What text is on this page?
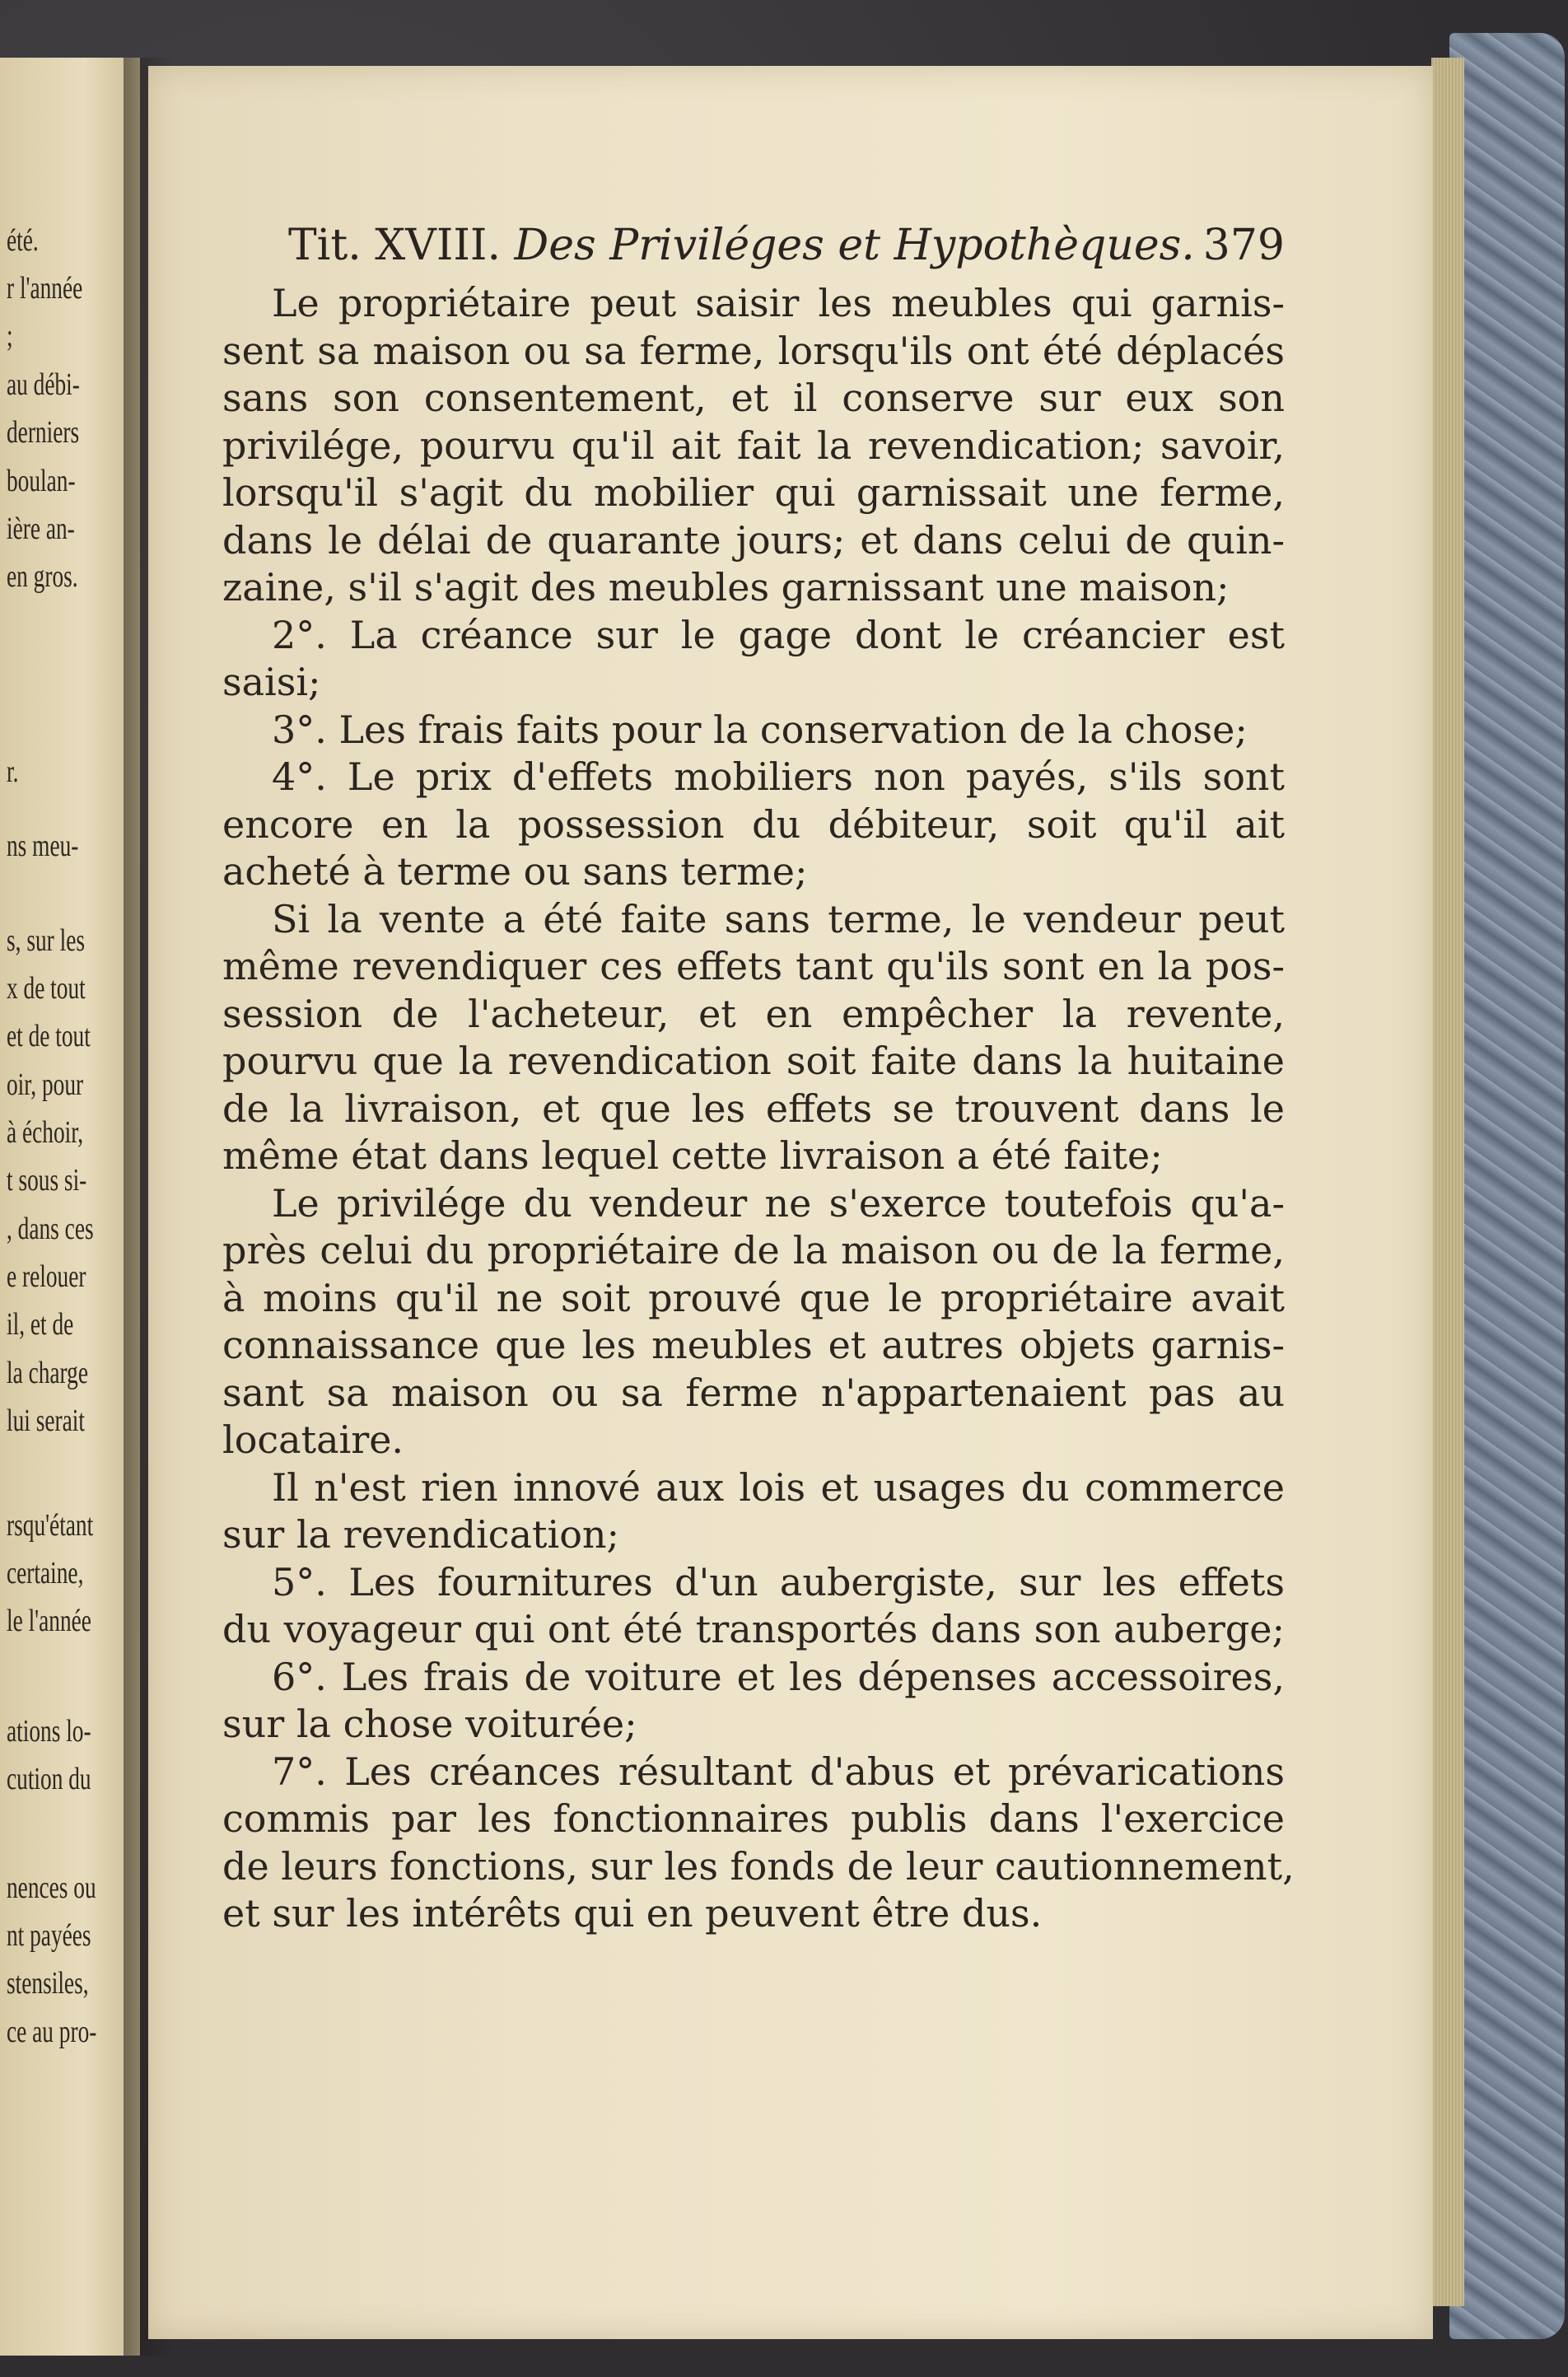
été.
r l'année
;
au débi-
derniers
boulan-
ière an-
en gros.
r.
ns meu-
s, sur les
x de tout
et de tout
oir, pour
à échoir,
t sous si-
, dans ces
e relouer
il, et de
la charge
lui serait
rsqu'étant
certaine,
le l'année
ations lo-
cution du
nences ou
nt payées
stensiles,
ce au pro-
Tit. XVIII. Des Priviléges et Hypothèques. 379
Le propriétaire peut saisir les meubles qui garnis-
sent sa maison ou sa ferme, lorsqu'ils ont été déplacés
sans son consentement, et il conserve sur eux son
privilége, pourvu qu'il ait fait la revendication; savoir,
lorsqu'il s'agit du mobilier qui garnissait une ferme,
dans le délai de quarante jours; et dans celui de quin-
zaine, s'il s'agit des meubles garnissant une maison;
2°. La créance sur le gage dont le créancier est
saisi;
3°. Les frais faits pour la conservation de la chose;
4°. Le prix d'effets mobiliers non payés, s'ils sont
encore en la possession du débiteur, soit qu'il ait
acheté à terme ou sans terme;
Si la vente a été faite sans terme, le vendeur peut
même revendiquer ces effets tant qu'ils sont en la pos-
session de l'acheteur, et en empêcher la revente,
pourvu que la revendication soit faite dans la huitaine
de la livraison, et que les effets se trouvent dans le
même état dans lequel cette livraison a été faite;
Le privilége du vendeur ne s'exerce toutefois qu'a-
près celui du propriétaire de la maison ou de la ferme,
à moins qu'il ne soit prouvé que le propriétaire avait
connaissance que les meubles et autres objets garnis-
sant sa maison ou sa ferme n'appartenaient pas au
locataire.
Il n'est rien innové aux lois et usages du commerce
sur la revendication;
5°. Les fournitures d'un aubergiste, sur les effets
du voyageur qui ont été transportés dans son auberge;
6°. Les frais de voiture et les dépenses accessoires,
sur la chose voiturée;
7°. Les créances résultant d'abus et prévarications
commis par les fonctionnaires publis dans l'exercice
de leurs fonctions, sur les fonds de leur cautionnement,
et sur les intérêts qui en peuvent être dus.
